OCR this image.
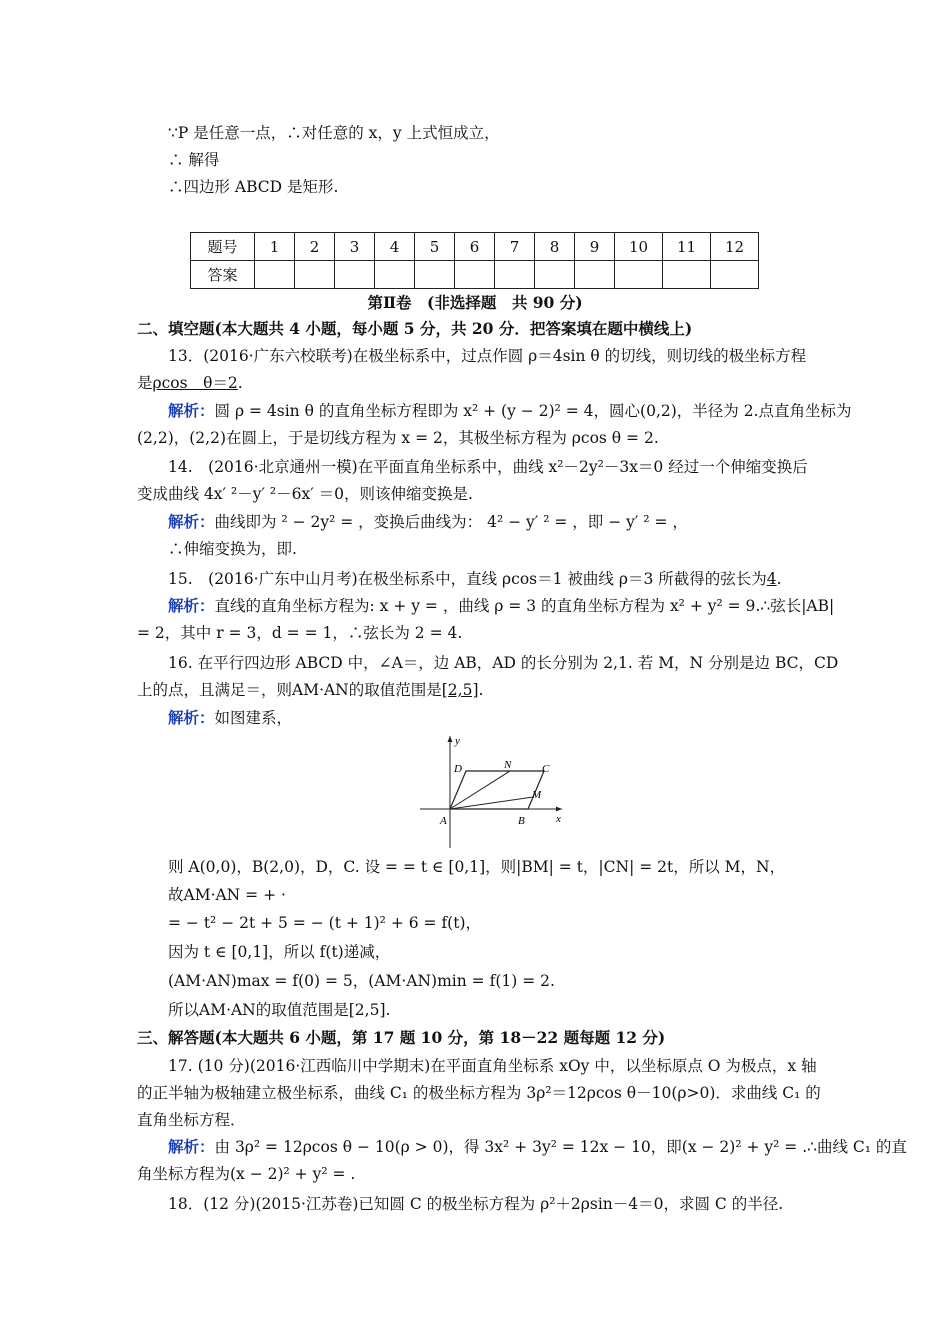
∵P 是任意一点，∴对任意的 x，y 上式恒成立，
∴ 解得
∴四边形 ABCD 是矩形.
题号	1	2	3	4	5	6	7	8	9	10	11	12
答案												
第Ⅱ卷　(非选择题　共 90 分)
二、填空题(本大题共 4 小题，每小题 5 分，共 20 分．把答案填在题中横线上)
13．(2016·广东六校联考)在极坐标系中，过点作圆 ρ＝4sin θ 的切线，则切线的极坐标方程
是ρcos　θ＝2.
解析：圆 ρ = 4sin θ 的直角坐标方程即为 x² + (y − 2)² = 4，圆心(0,2)，半径为 2.点直角坐标为
(2,2)，(2,2)在圆上，于是切线方程为 x = 2，其极坐标方程为 ρcos θ = 2.
14.　(2016·北京通州一模)在平面直角坐标系中，曲线 x²－2y²－3x＝0 经过一个伸缩变换后
变成曲线 4x′ ²－y′ ²－6x′ ＝0，则该伸缩变换是.
解析：曲线即为 ² − 2y² = ，变换后曲线为： 4² − y′ ² = ，即 − y′ ² = ，
∴伸缩变换为，即.
15.　(2016·广东中山月考)在极坐标系中，直线 ρcos＝1 被曲线 ρ＝3 所截得的弦长为4.
解析：直线的直角坐标方程为: x + y = ，曲线 ρ = 3 的直角坐标方程为 x² + y² = 9.∴弦长|AB|
= 2，其中 r = 3，d = = 1，∴弦长为 2 = 4.
16. 在平行四边形 ABCD 中，∠A＝，边 AB，AD 的长分别为 2,1. 若 M，N 分别是边 BC，CD
上的点，且满足＝，则AM·AN的取值范围是[2,5].
解析：如图建系，
y
x
A	B
C
D
M
N
则 A(0,0)，B(2,0)，D，C. 设 = = t ∈ [0,1]，则|BM| = t，|CN| = 2t，所以 M，N，
故AM·AN = + ·
= − t² − 2t + 5 = − (t + 1)² + 6 = f(t)，
因为 t ∈ [0,1]，所以 f(t)递减，
(AM·AN)max = f(0) = 5，(AM·AN)min = f(1) = 2.
所以AM·AN的取值范围是[2,5].
三、解答题(本大题共 6 小题，第 17 题 10 分，第 18－22 题每题 12 分)
17. (10 分)(2016·江西临川中学期末)在平面直角坐标系 xOy 中，以坐标原点 O 为极点，x 轴
的正半轴为极轴建立极坐标系，曲线 C₁ 的极坐标方程为 3ρ²＝12ρcos θ－10(ρ>0)．求曲线 C₁ 的
直角坐标方程．
解析：由 3ρ² = 12ρcos θ − 10(ρ > 0)，得 3x² + 3y² = 12x − 10，即(x − 2)² + y² = .∴曲线 C₁ 的直
角坐标方程为(x − 2)² + y² = .
18．(12 分)(2015·江苏卷)已知圆 C 的极坐标方程为 ρ²＋2ρsin－4＝0，求圆 C 的半径.
